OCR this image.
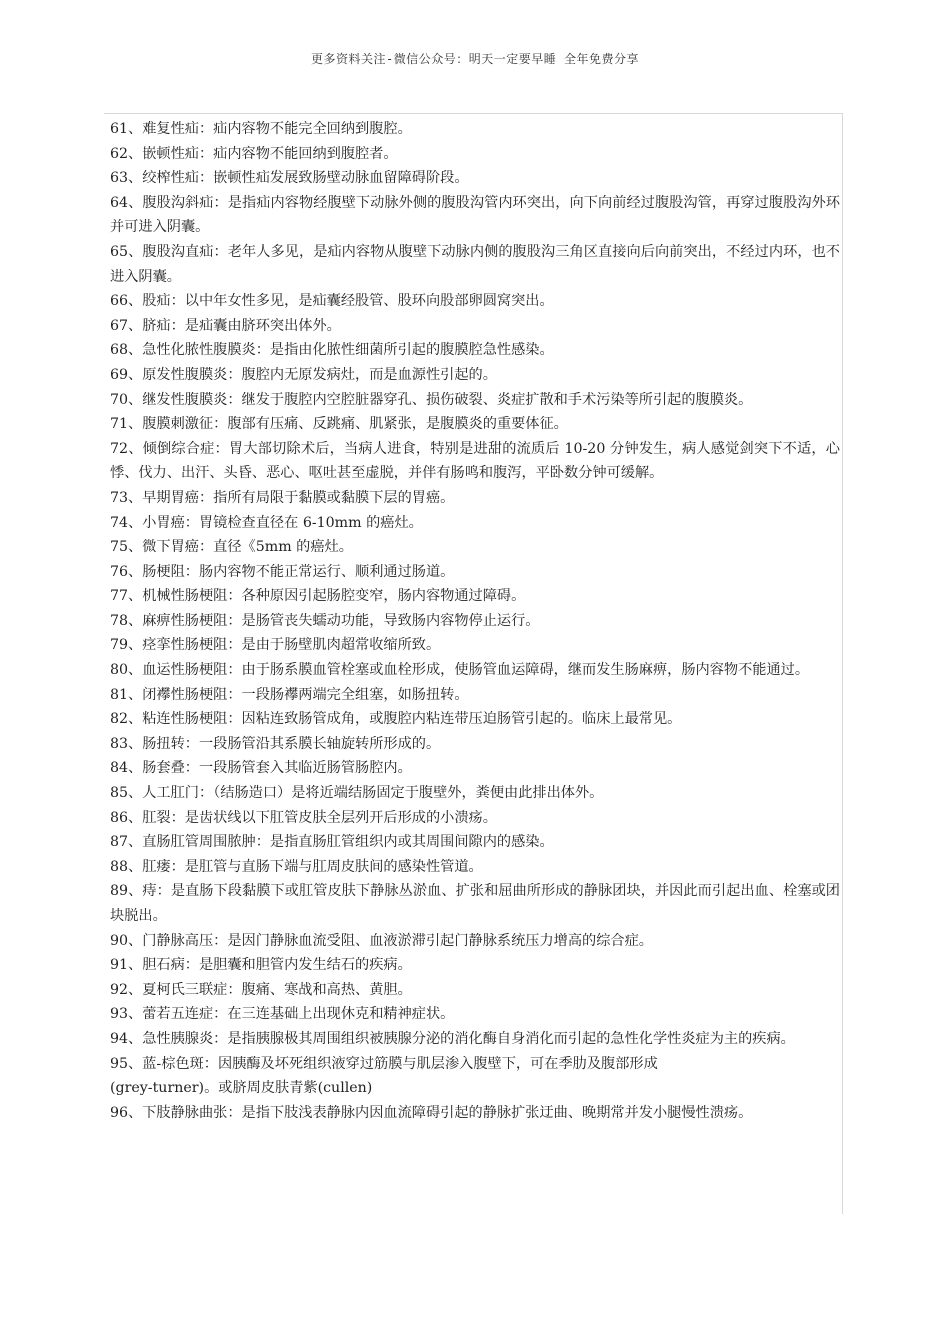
更多资料关注-微信公众号：明天一定要早睡 全年免费分享

61、难复性疝：疝内容物不能完全回纳到腹腔。

62、嵌顿性疝：疝内容物不能回纳到腹腔者。

63、绞榨性疝：嵌顿性疝发展致肠壁动脉血留障碍阶段。

64、腹股沟斜疝：是指疝内容物经腹壁下动脉外侧的腹股沟管内环突出，向下向前经过腹股沟管，再穿过腹股沟外环并可进入阴囊。

65、腹股沟直疝：老年人多见，是疝内容物从腹壁下动脉内侧的腹股沟三角区直接向后向前突出，不经过内环，也不进入阴囊。

66、股疝：以中年女性多见，是疝囊经股管、股环向股部卵圆窝突出。

67、脐疝：是疝囊由脐环突出体外。

68、急性化脓性腹膜炎：是指由化脓性细菌所引起的腹膜腔急性感染。

69、原发性腹膜炎：腹腔内无原发病灶，而是血源性引起的。

70、继发性腹膜炎：继发于腹腔内空腔脏器穿孔、损伤破裂、炎症扩散和手术污染等所引起的腹膜炎。

71、腹膜刺激征：腹部有压痛、反跳痛、肌紧张，是腹膜炎的重要体征。

72、倾倒综合症：胃大部切除术后，当病人进食，特别是进甜的流质后 10-20 分钟发生，病人感觉剑突下不适，心悸、伐力、出汗、头昏、恶心、呕吐甚至虚脱，并伴有肠鸣和腹泻，平卧数分钟可缓解。

73、早期胃癌：指所有局限于黏膜或黏膜下层的胃癌。

74、小胃癌：胃镜检查直径在 6-10mm 的癌灶。

75、微下胃癌：直径《5mm 的癌灶。

76、肠梗阻：肠内容物不能正常运行、顺利通过肠道。

77、机械性肠梗阻：各种原因引起肠腔变窄，肠内容物通过障碍。

78、麻痹性肠梗阻：是肠管丧失蠕动功能，导致肠内容物停止运行。

79、痉挛性肠梗阻：是由于肠壁肌肉超常收缩所致。

80、血运性肠梗阻：由于肠系膜血管栓塞或血栓形成，使肠管血运障碍，继而发生肠麻痹，肠内容物不能通过。

81、闭襻性肠梗阻：一段肠襻两端完全组塞，如肠扭转。

82、粘连性肠梗阻：因粘连致肠管成角，或腹腔内粘连带压迫肠管引起的。临床上最常见。

83、肠扭转：一段肠管沿其系膜长轴旋转所形成的。

84、肠套叠：一段肠管套入其临近肠管肠腔内。

85、人工肛门：（结肠造口）是将近端结肠固定于腹壁外，粪便由此排出体外。

86、肛裂：是齿状线以下肛管皮肤全层列开后形成的小溃疡。

87、直肠肛管周围脓肿：是指直肠肛管组织内或其周围间隙内的感染。

88、肛瘘：是肛管与直肠下端与肛周皮肤间的感染性管道。

89、痔：是直肠下段黏膜下或肛管皮肤下静脉丛淤血、扩张和屈曲所形成的静脉团块，并因此而引起出血、栓塞或团块脱出。

90、门静脉高压：是因门静脉血流受阻、血液淤滞引起门静脉系统压力增高的综合症。

91、胆石病：是胆囊和胆管内发生结石的疾病。

92、夏柯氏三联症：腹痛、寒战和高热、黄胆。

93、蕾若五连症：在三连基础上出现休克和精神症状。

94、急性胰腺炎：是指胰腺极其周围组织被胰腺分泌的消化酶自身消化而引起的急性化学性炎症为主的疾病。

95、蓝-棕色斑：因胰酶及坏死组织液穿过筋膜与肌层渗入腹壁下，可在季肋及腹部形成
(grey-turner)。或脐周皮肤青紫(cullen)

96、下肢静脉曲张：是指下肢浅表静脉内因血流障碍引起的静脉扩张迂曲、晚期常并发小腿慢性溃疡。
